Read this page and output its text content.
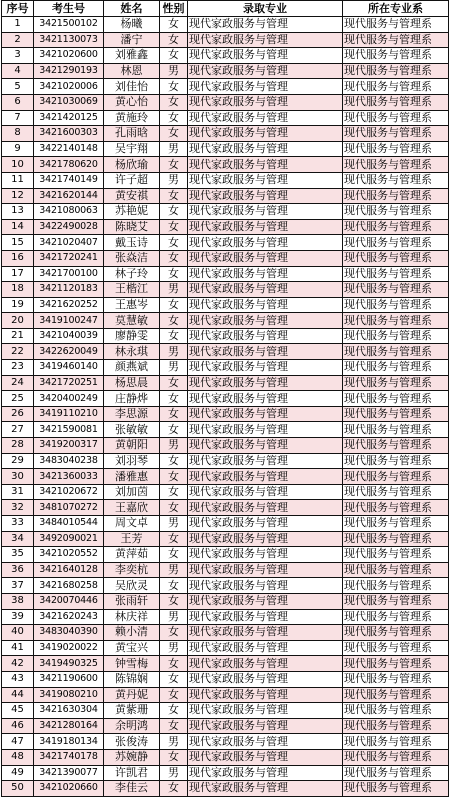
序号	考生号	姓名	性别	录取专业	所在专业系
1	3421500102	杨曦	女	现代家政服务与管理	现代服务与管理系
2	3421130073	潘宁	女	现代家政服务与管理	现代服务与管理系
3	3421020600	刘雅鑫	女	现代家政服务与管理	现代服务与管理系
4	3421290193	林恩	男	现代家政服务与管理	现代服务与管理系
5	3421020006	刘佳怡	女	现代家政服务与管理	现代服务与管理系
6	3421030069	黄心怡	女	现代家政服务与管理	现代服务与管理系
7	3421420125	黄施玲	女	现代家政服务与管理	现代服务与管理系
8	3421600303	孔雨晗	女	现代家政服务与管理	现代服务与管理系
9	3422140148	吴宇翔	男	现代家政服务与管理	现代服务与管理系
10	3421780620	杨欣瑜	女	现代家政服务与管理	现代服务与管理系
11	3421740149	许子超	男	现代家政服务与管理	现代服务与管理系
12	3421620144	黄安祺	女	现代家政服务与管理	现代服务与管理系
13	3421080063	苏艳妮	女	现代家政服务与管理	现代服务与管理系
14	3422490028	陈晓艾	女	现代家政服务与管理	现代服务与管理系
15	3421020407	戴玉诗	女	现代家政服务与管理	现代服务与管理系
16	3421720241	张焱洁	女	现代家政服务与管理	现代服务与管理系
17	3421700100	林子玲	女	现代家政服务与管理	现代服务与管理系
18	3421120183	王楷江	男	现代家政服务与管理	现代服务与管理系
19	3421620252	王惠岑	女	现代家政服务与管理	现代服务与管理系
20	3419100247	莫慧敏	女	现代家政服务与管理	现代服务与管理系
21	3421040039	廖静雯	女	现代家政服务与管理	现代服务与管理系
22	3422620049	林永琪	男	现代家政服务与管理	现代服务与管理系
23	3419460140	颜燕斌	男	现代家政服务与管理	现代服务与管理系
24	3421720251	杨思晨	女	现代家政服务与管理	现代服务与管理系
25	3420400249	庄静烨	女	现代家政服务与管理	现代服务与管理系
26	3419110210	李思源	女	现代家政服务与管理	现代服务与管理系
27	3421590081	张敏敏	女	现代家政服务与管理	现代服务与管理系
28	3419200317	黄朝阳	男	现代家政服务与管理	现代服务与管理系
29	3483040238	刘羽琴	女	现代家政服务与管理	现代服务与管理系
30	3421360033	潘雅惠	女	现代家政服务与管理	现代服务与管理系
31	3421020672	刘加茵	女	现代家政服务与管理	现代服务与管理系
32	3481070272	王嘉欣	女	现代家政服务与管理	现代服务与管理系
33	3484010544	周文卓	男	现代家政服务与管理	现代服务与管理系
34	3492090021	王芳	女	现代家政服务与管理	现代服务与管理系
35	3421020552	黄萍茹	女	现代家政服务与管理	现代服务与管理系
36	3421640128	李奕杭	男	现代家政服务与管理	现代服务与管理系
37	3421680258	吴欣灵	女	现代家政服务与管理	现代服务与管理系
38	3420070446	张雨轩	女	现代家政服务与管理	现代服务与管理系
39	3421620243	林庆祥	男	现代家政服务与管理	现代服务与管理系
40	3483040390	赖小清	女	现代家政服务与管理	现代服务与管理系
41	3419020022	黄宝兴	男	现代家政服务与管理	现代服务与管理系
42	3419490325	钟雪梅	女	现代家政服务与管理	现代服务与管理系
43	3421190600	陈锦娴	女	现代家政服务与管理	现代服务与管理系
44	3419080210	黄丹妮	女	现代家政服务与管理	现代服务与管理系
45	3421630304	黄紫珊	女	现代家政服务与管理	现代服务与管理系
46	3421280164	余明鸿	女	现代家政服务与管理	现代服务与管理系
47	3419180134	张俊涛	男	现代家政服务与管理	现代服务与管理系
48	3421740178	苏婉静	女	现代家政服务与管理	现代服务与管理系
49	3421390077	许凯君	男	现代家政服务与管理	现代服务与管理系
50	3421020660	李佳云	女	现代家政服务与管理	现代服务与管理系
